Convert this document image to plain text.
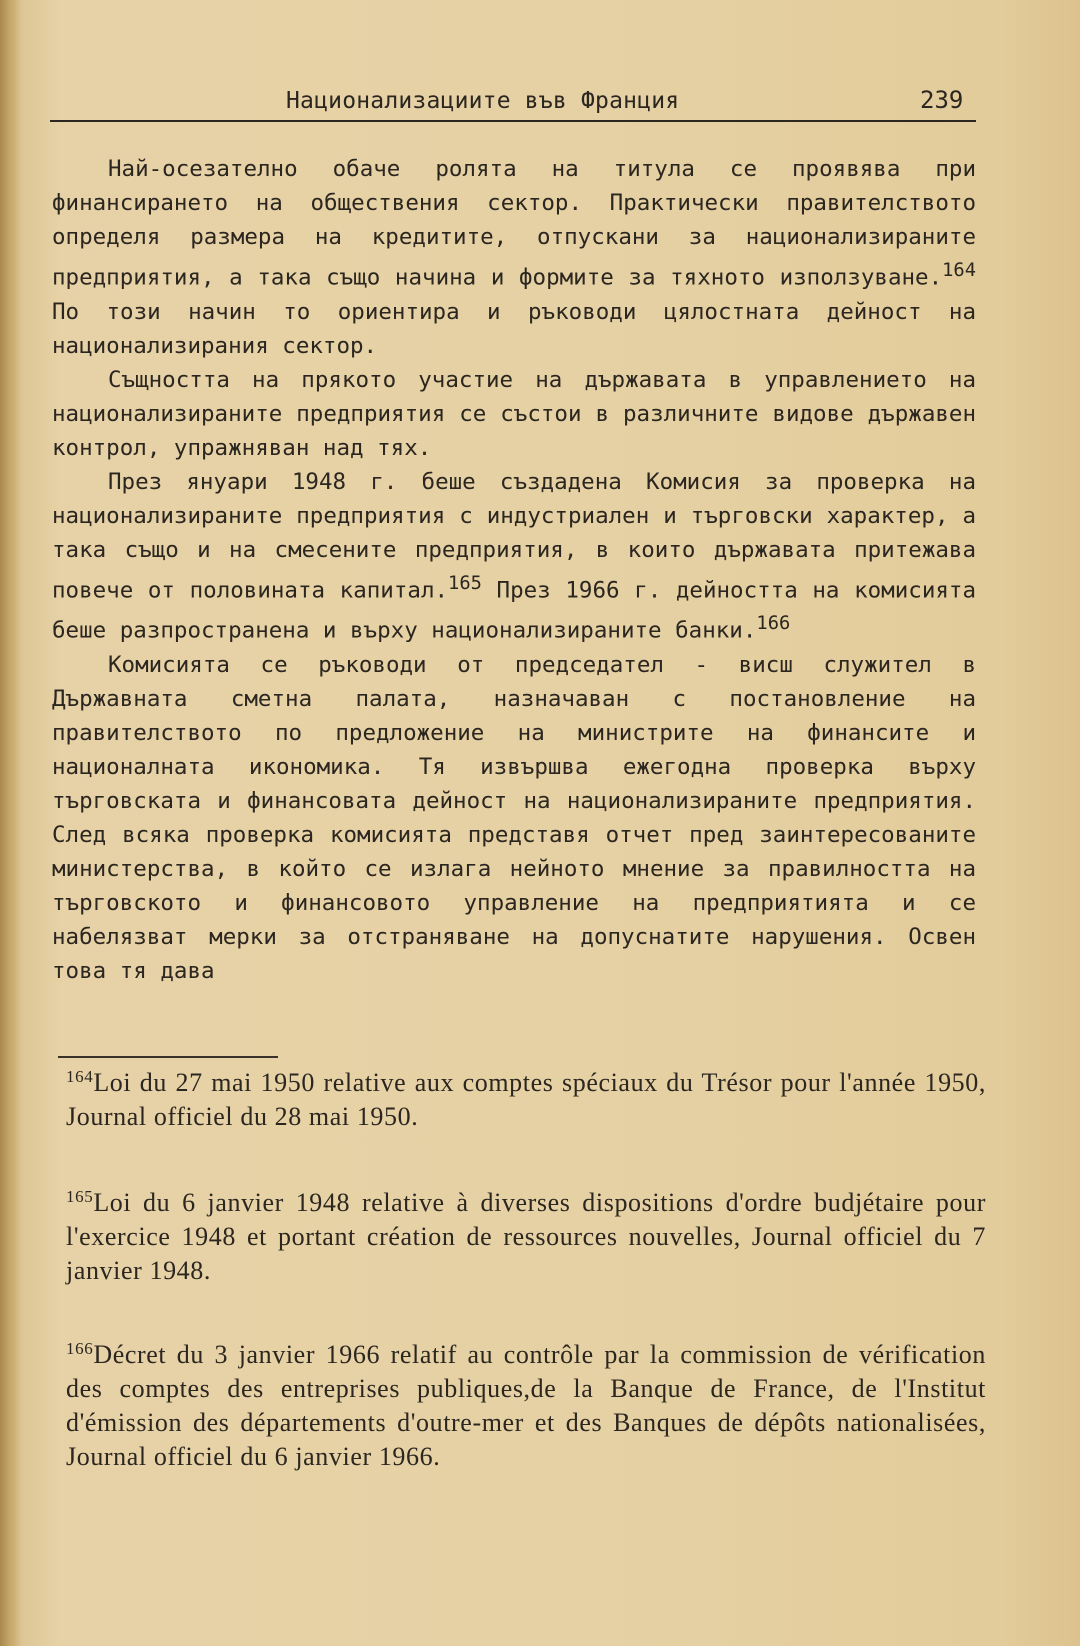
Национализациите във Франция	239

Най-осезателно обаче ролята на титула се проявява при финансирането на обществения сектор. Практически правителството определя размера на кредитите, отпускани за национализираните предприятия, а така също начина и формите за тяхното използуване.$^{164}$ По този начин то ориентира и ръководи цялостната дейност на национализирания сектор.

Същността на прякото участие на държавата в управлението на национализираните предприятия се състои в различните видове държавен контрол, упражняван над тях.

През януари 1948 г. беше създадена Комисия за проверка на национализираните предприятия с индустриален и търговски характер, а така също и на смесените предприятия, в които държавата притежава повече от половината капитал.$^{165}$ През 1966 г. дейността на комисията беше разпространена и върху национализираните банки.$^{166}$

Комисията се ръководи от председател - висш служител в Държавната сметна палата, назначаван с постановление на правителството по предложение на министрите на финансите и националната икономика. Тя извършва ежегодна проверка върху търговската и финансовата дейност на национализираните предприятия. След всяка проверка комисията представя отчет пред заинтересованите министерства, в който се излага нейното мнение за правилността на търговското и финансовото управление на предприятията и се набелязват мерки за отстраняване на допуснатите нарушения. Освен това тя дава

$^{164}$Loi du 27 mai 1950 relative aux comptes spéciaux du Trésor pour l'année 1950, Journal officiel du 28 mai 1950.
$^{165}$Loi du 6 janvier 1948 relative à diverses dispositions d'ordre budjétaire pour l'exercice 1948 et portant création de ressources nouvelles, Journal officiel du 7 janvier 1948.
$^{166}$Décret du 3 janvier 1966 relatif au contrôle par la commission de vérification des comptes des entreprises publiques,de la Banque de France, de l'Institut d'émission des départements d'outre-mer et des Banques de dépôts nationalisées, Journal officiel du 6 janvier 1966.
